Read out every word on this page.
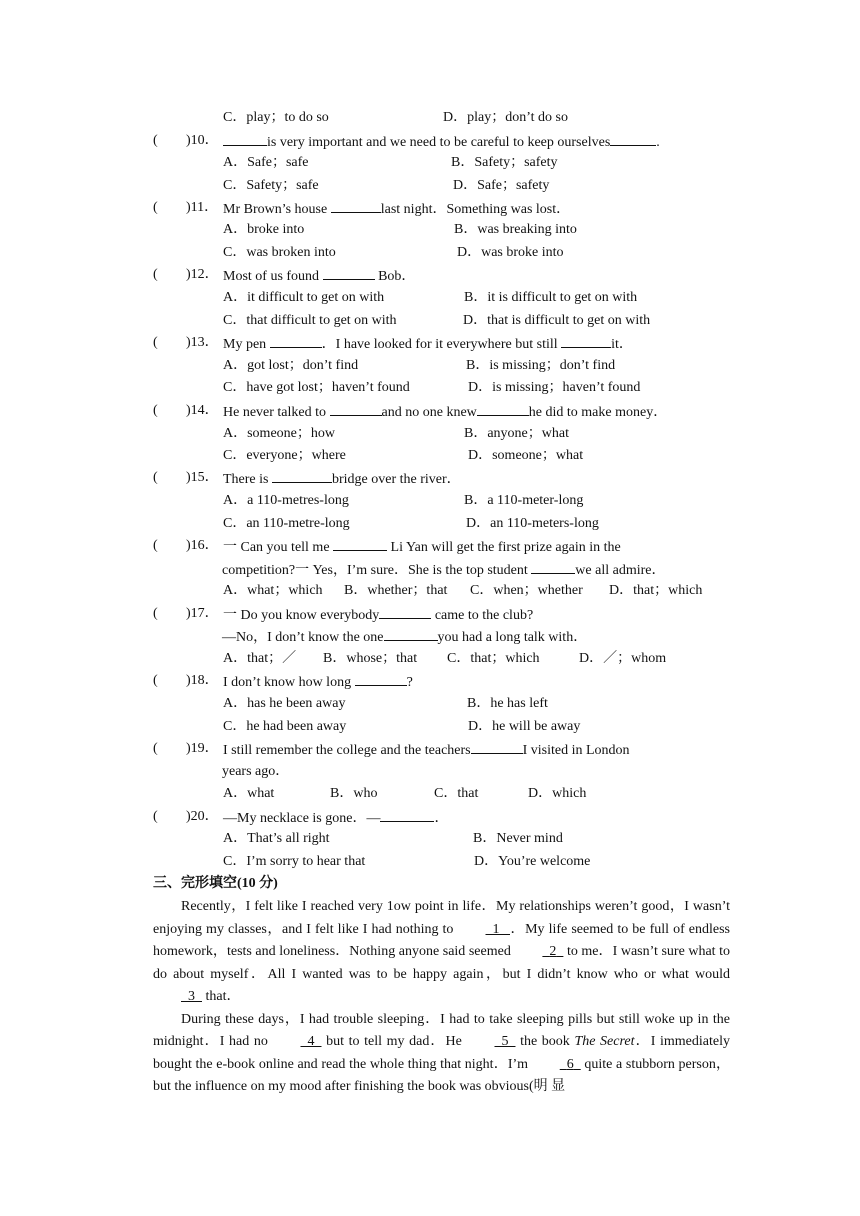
C．play；to do so	D．play；don’t do so
( )10．	is very important and we need to be careful to keep ourselves	.
A．Safe；safe	B．Safety；safety
C．Safety；safe	D．Safe；safety
( )11． Mr Brown’s house	last night．Something was lost．
A．broke into	B．was breaking into
C．was broken into	D．was broke into
( )12． Most of us found	Bob．
A．it difficult to get on with	B．it is difficult to get on with
C．that difficult to get on with	D．that is difficult to get on with
( )13． My pen	．I have looked for it everywhere but still	it．
A．got lost；don’t find	B．is missing；don’t find
C．have got lost；haven’t found	D．is missing；haven’t found
( )14． He never talked to	and no one knew	he did to make money．
A．someone；how	B．anyone；what
C．everyone；where	D．someone；what
( )15． There is	bridge over the river．
A．a 110-metres-long	B．a 110-meter-long
C．an 110-metre-long	D．an 110-meters-long
( )16． 一 Can you tell me	Li Yan will get the first prize again in the
competition?一 Yes，I’m sure．She is the top student	we all admire．
A．what；which B．whether；that C．when；whether D．that；which
( )17． 一 Do you know everybody	came to the club?
—No，I don’t know the one	you had a long talk with．
A．that；／ B．whose；that C．that；which	D．／；whom
( )18． I don’t know how long	?
A．has he been away	B．he has left
C．he had been away	D．he will be away
( )19． I still remember the college and the teachers	I visited in London
years ago．
A．what	B．who	C．that	D．which
( )20． —My necklace is gone．—	．
A．That’s all right	B．Never mind
C．I’m sorry to hear that	D．You’re welcome
三、完形填空(10 分)

Recently，I felt like I reached very 1ow point in life．My relationships weren’t good，I wasn’t enjoying my classes，and I felt like I had nothing to	1 ．My life seemed to be full of endless homework，tests and loneliness．Nothing anyone said seemed	2   to me．I wasn’t sure what to do about myself．All I wanted was to be happy again，but I didn’t know who or what would   3   that．

During these days，I had trouble sleeping．I had to take sleeping pills but still woke up in the midnight．I had no	4   but to tell my dad．He	5   the book The Secret．I immediately bought the e-book online and read the whole thing that night．I’m	6   quite a stubborn person， but the influence on my mood after finishing the book was obvious(明 显
